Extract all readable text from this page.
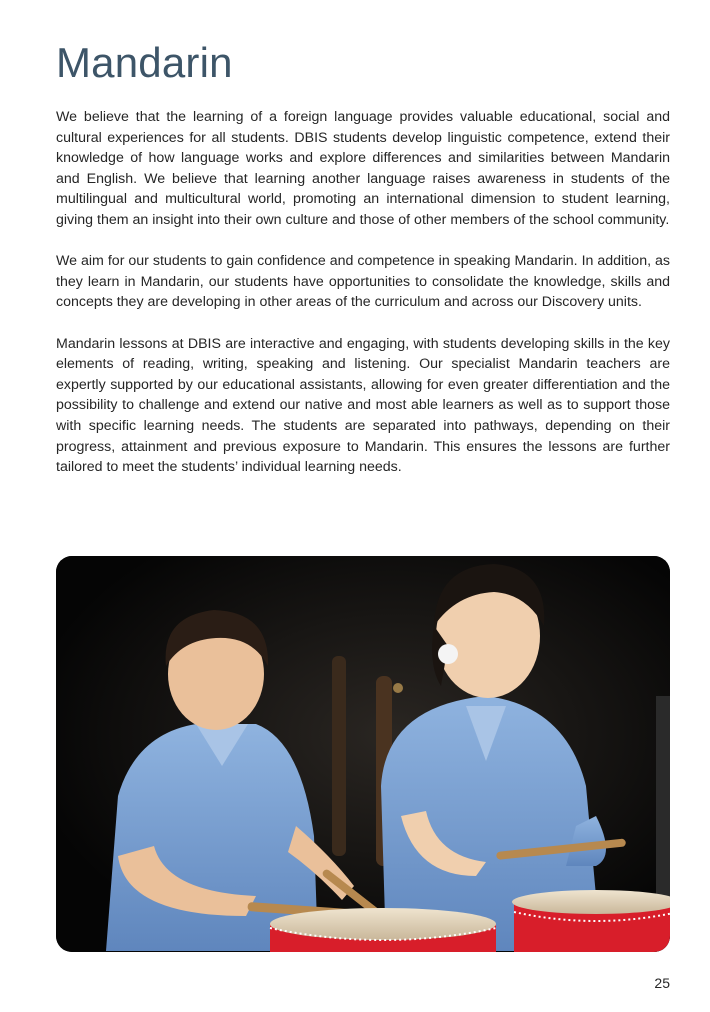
Mandarin

We believe that the learning of a foreign language provides valuable educational, social and cultural experiences for all students. DBIS students develop linguistic competence, extend their knowledge of how language works and explore differences and similarities between Mandarin and English. We believe that learning another language raises awareness in students of the multilingual and multicultural world, promoting an international dimension to student learning, giving them an insight into their own culture and those of other members of the school community.

We aim for our students to gain confidence and competence in speaking Mandarin. In addition, as they learn in Mandarin, our students have opportunities to consolidate the knowledge, skills and concepts they are developing in other areas of the curriculum and across our Discovery units.

Mandarin lessons at DBIS are interactive and engaging, with students developing skills in the key elements of reading, writing, speaking and listening. Our specialist Mandarin teachers are expertly supported by our educational assistants, allowing for even greater differentiation and the possibility to challenge and extend our native and most able learners as well as to support those with specific learning needs. The students are separated into pathways, depending on their progress, attainment and previous exposure to Mandarin. This ensures the lessons are further tailored to meet the students’ individual learning needs.

25
